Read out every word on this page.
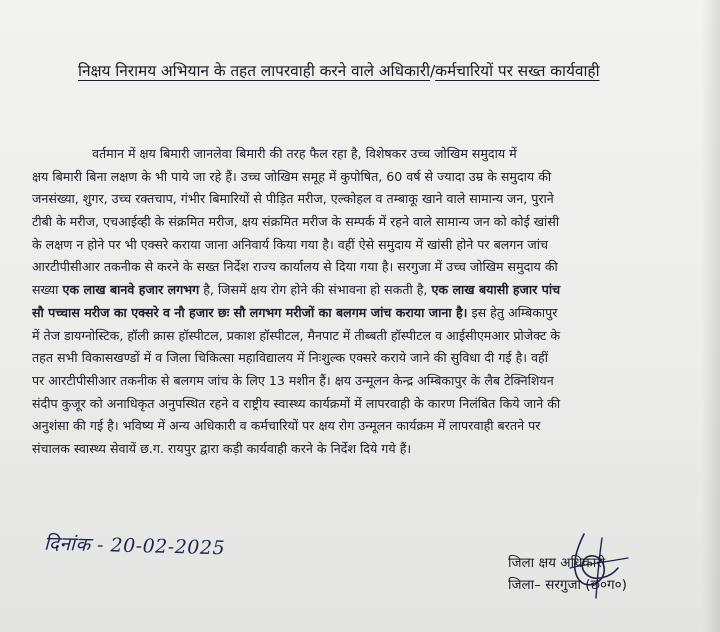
निक्षय निरामय अभियान के तहत लापरवाही करने वाले अधिकारी/कर्मचारियों पर सख्त कार्यवाही
वर्तमान में क्षय बिमारी जानलेवा बिमारी की तरह फैल रहा है, विशेषकर उच्च जोखिम समुदाय में
क्षय बिमारी बिना लक्षण के भी पाये जा रहे हैं। उच्च जोखिम समूह में कुपोषित, 60 वर्ष से ज्यादा उम्र के समुदाय की
जनसंख्या, शुगर, उच्च रक्तचाप, गंभीर बिमारियों से पीड़ित मरीज, एल्कोहल व तम्बाकू खाने वाले सामान्य जन, पुराने
टीबी के मरीज, एचआईव्ही के संक्रमित मरीज, क्षय संक्रमित मरीज के सम्पर्क में रहने वाले सामान्य जन को कोई खांसी
के लक्षण न होने पर भी एक्सरे कराया जाना अनिवार्य किया गया है। वहीं ऐसे समुदाय में खांसी होने पर बलगन जांच
आरटीपीसीआर तकनीक से करने के सख्त निर्देश राज्य कार्यालय से दिया गया है। सरगुजा में उच्च जोखिम समुदाय की
सख्या एक लाख बानवे हजार लगभग है, जिसमें क्षय रोग होने की संभावना हो सकती है, एक लाख बयासी हजार पांच
सौ पच्चास मरीज का एक्सरे व नौ हजार छः सौ लगभग मरीजों का बलगम जांच कराया जाना है। इस हेतु अम्बिकापुर
में तेज डायग्नोस्टिक, हॉली क्रास हॉस्पीटल, प्रकाश हॉस्पीटल, मैनपाट में तीब्बती हॉस्पीटल व आईसीएमआर प्रोजेक्ट के
तहत सभी विकासखण्डों में व जिला चिकित्सा महाविद्यालय में निःशुल्क एक्सरे कराये जाने की सुविधा दी गई है। वहीं
पर आरटीपीसीआर तकनीक से बलगम जांच के लिए 13 मशीन हैं। क्षय उन्मूलन केन्द्र अम्बिकापुर के लैब टेक्निशियन
संदीप कुजूर को अनाधिकृत अनुपस्थित रहने व राष्ट्रीय स्वास्थ्य कार्यक्रमों में लापरवाही के कारण निलंबित किये जाने की
अनुशंसा की गई है। भविष्य में अन्य अधिकारी व कर्मचारियों पर क्षय रोग उन्मूलन कार्यक्रम में लापरवाही बरतने पर
संचालक स्वास्थ्य सेवायें छ.ग. रायपुर द्वारा कड़ी कार्यवाही करने के निर्देश दिये गये हैं।
दिनांक - 20-02-2025
जिला क्षय अधिकारी
जिला– सरगुजा (छ०ग०)
